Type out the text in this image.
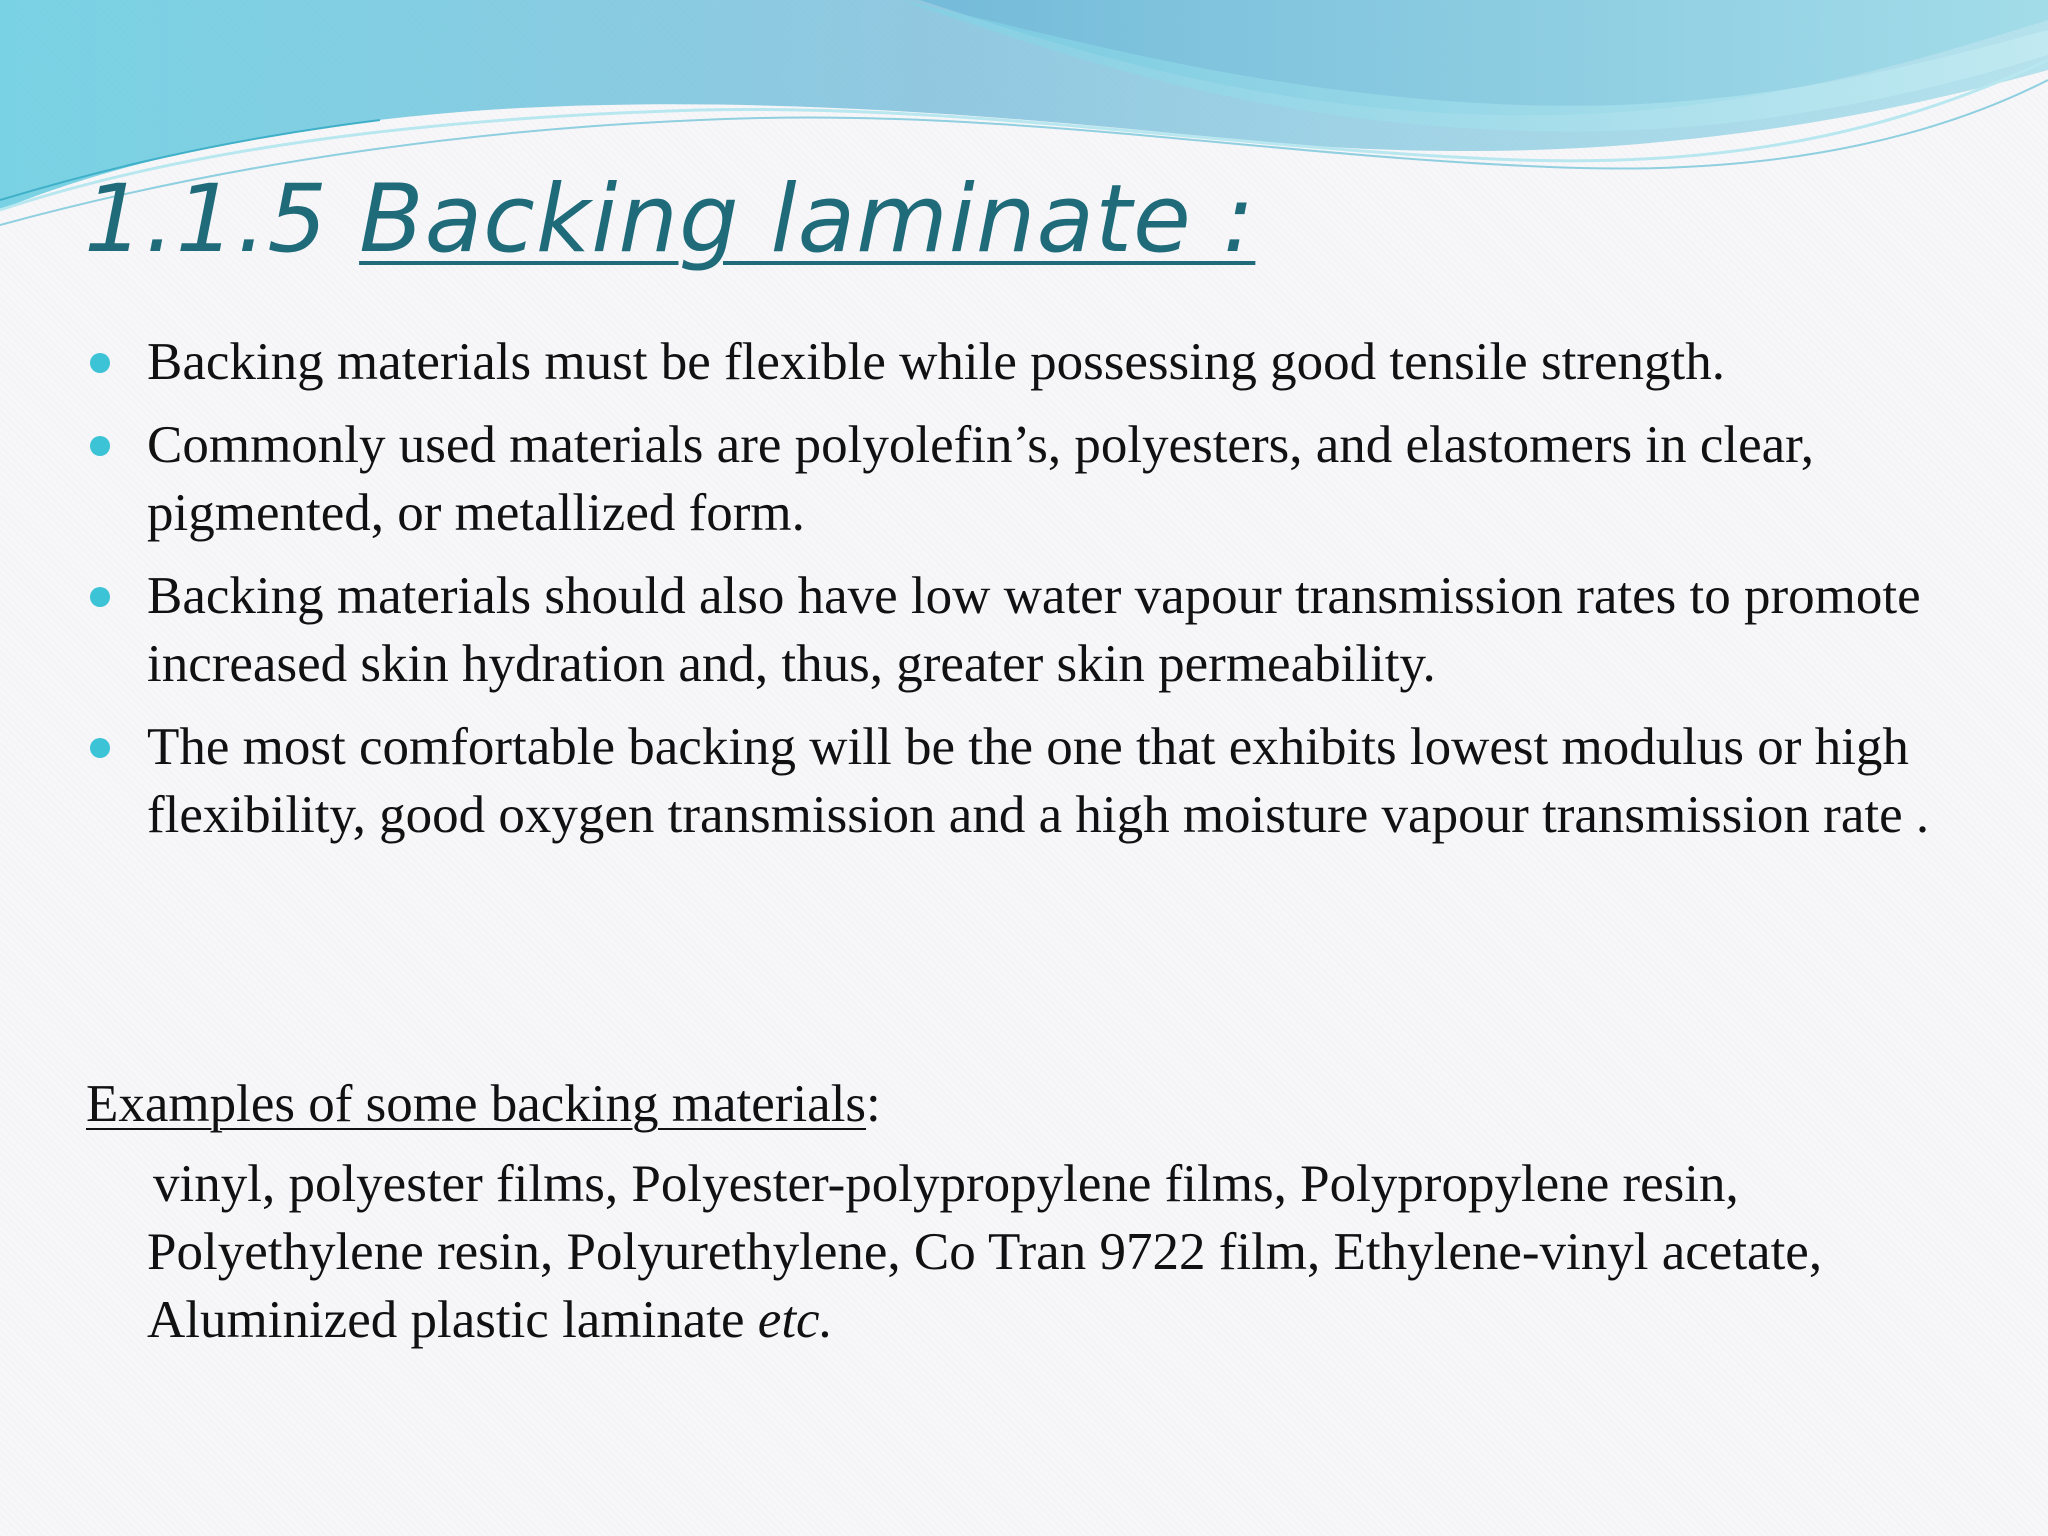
1.1.5 Backing laminate :
Backing materials must be flexible while possessing good tensile strength.
Commonly used materials are polyolefin’s, polyesters, and elastomers in clear, pigmented, or metallized form.
Backing materials should also have low water vapour transmission rates to promote increased skin hydration and, thus, greater skin permeability.
The most comfortable backing will be the one that exhibits lowest modulus or high flexibility, good oxygen transmission and a high moisture vapour transmission rate .
Examples of some backing materials:
vinyl, polyester films, Polyester-polypropylene films, Polypropylene resin, Polyethylene resin, Polyurethylene, Co Tran 9722 film, Ethylene-vinyl acetate, Aluminized plastic laminate etc.
